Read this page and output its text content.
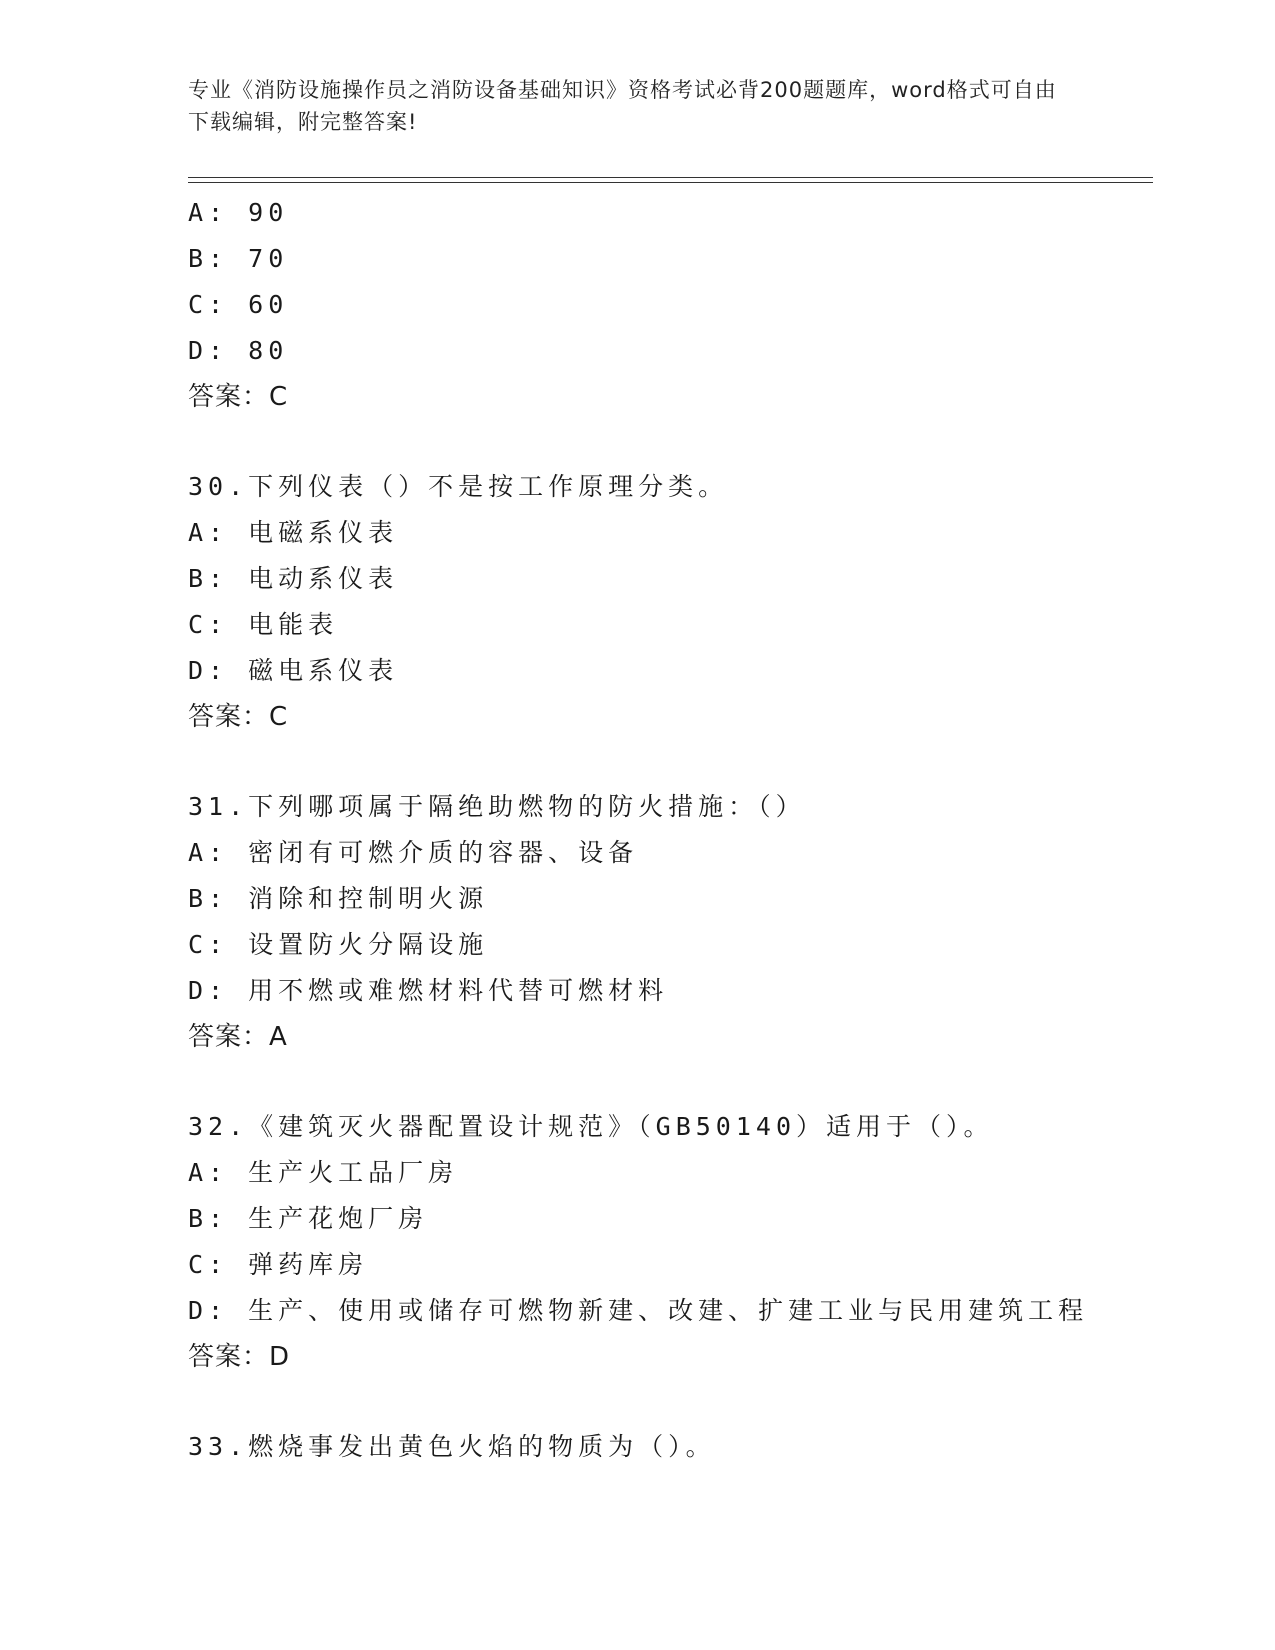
专业《消防设施操作员之消防设备基础知识》资格考试必背200题题库，word格式可自由下载编辑，附完整答案!
A: 90
B: 70
C: 60
D: 80
答案：C
30.下列仪表（）不是按工作原理分类。
A: 电磁系仪表
B: 电动系仪表
C: 电能表
D: 磁电系仪表
答案：C
31.下列哪项属于隔绝助燃物的防火措施：（）
A: 密闭有可燃介质的容器、设备
B: 消除和控制明火源
C: 设置防火分隔设施
D: 用不燃或难燃材料代替可燃材料
答案：A
32.《建筑灭火器配置设计规范》（GB50140）适用于（）。
A: 生产火工品厂房
B: 生产花炮厂房
C: 弹药库房
D: 生产、使用或储存可燃物新建、改建、扩建工业与民用建筑工程
答案：D
33.燃烧事发出黄色火焰的物质为（）。
